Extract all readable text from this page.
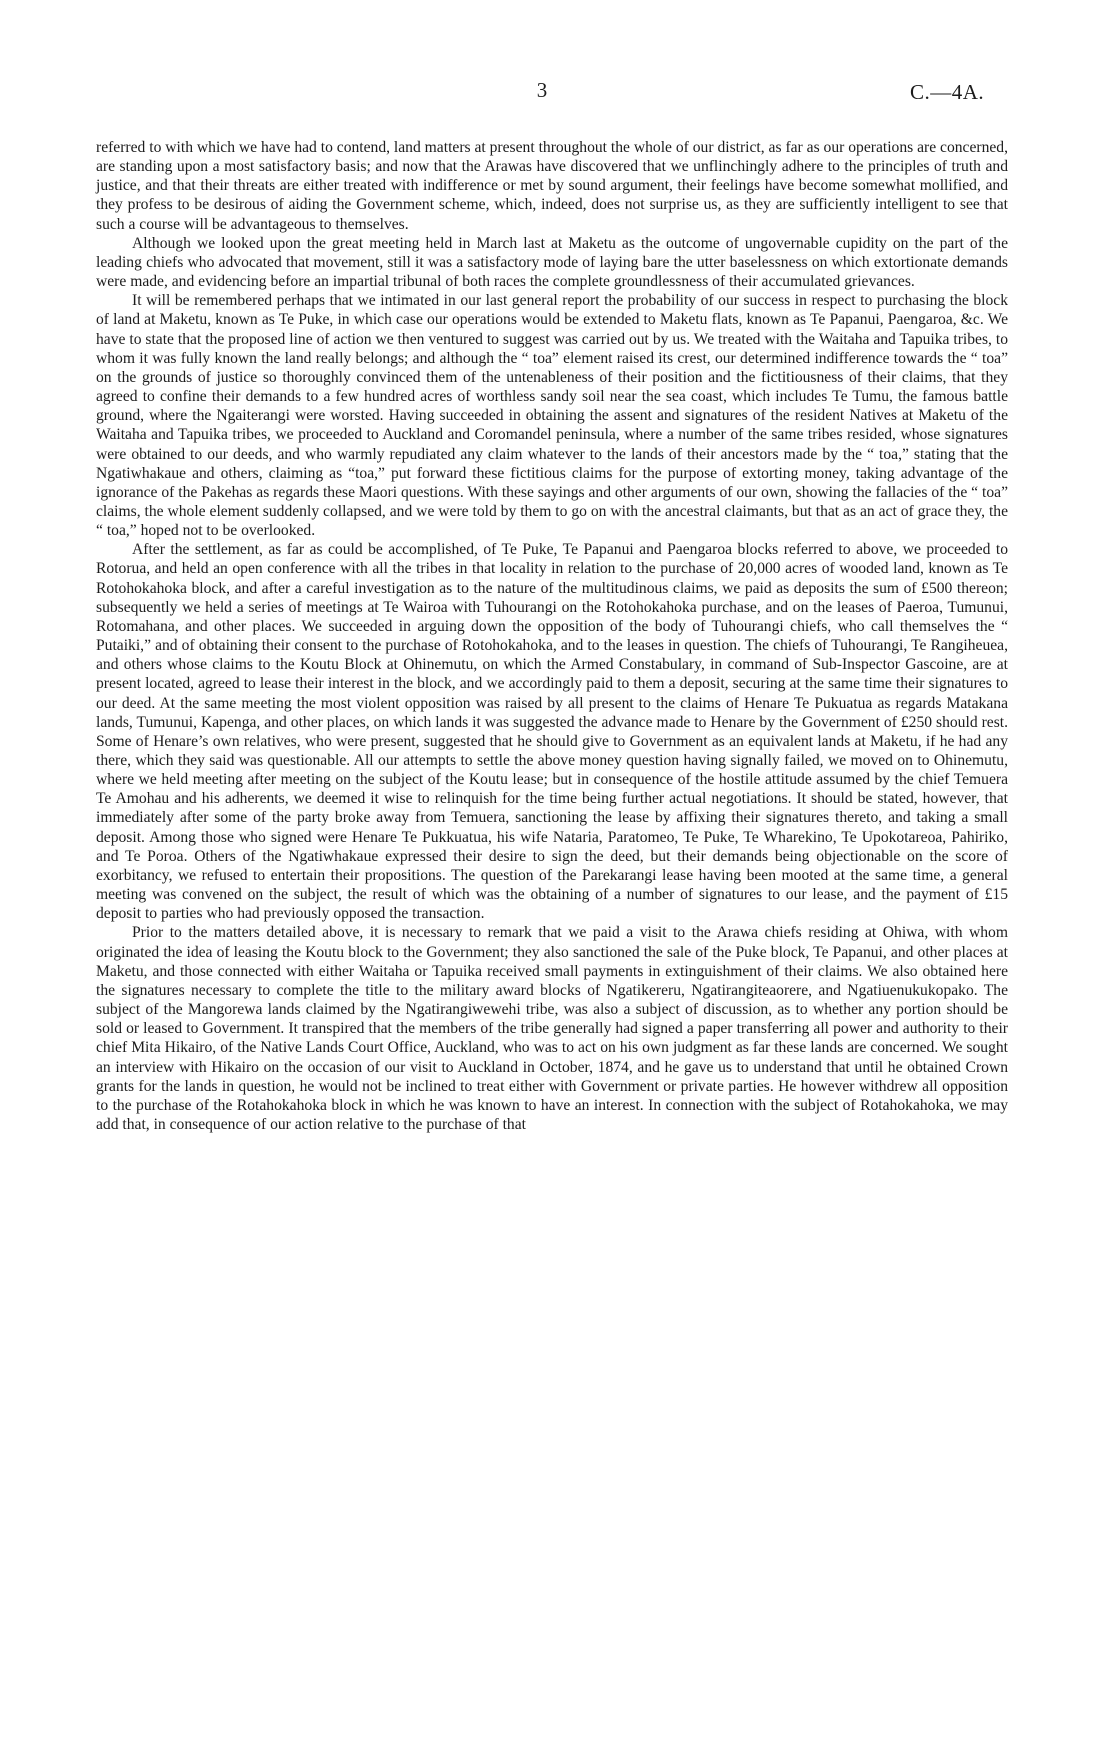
3	C.—4A.

referred to with which we have had to contend, land matters at present throughout the whole of our district, as far as our operations are concerned, are standing upon a most satisfactory basis; and now that the Arawas have discovered that we unflinchingly adhere to the principles of truth and justice, and that their threats are either treated with indifference or met by sound argument, their feelings have become somewhat mollified, and they profess to be desirous of aiding the Government scheme, which, indeed, does not surprise us, as they are sufficiently intelligent to see that such a course will be advantageous to themselves.

Although we looked upon the great meeting held in March last at Maketu as the outcome of ungovernable cupidity on the part of the leading chiefs who advocated that movement, still it was a satisfactory mode of laying bare the utter baselessness on which extortionate demands were made, and evidencing before an impartial tribunal of both races the complete groundlessness of their accumulated grievances.

It will be remembered perhaps that we intimated in our last general report the probability of our success in respect to purchasing the block of land at Maketu, known as Te Puke, in which case our operations would be extended to Maketu flats, known as Te Papanui, Paengaroa, &c. We have to state that the proposed line of action we then ventured to suggest was carried out by us. We treated with the Waitaha and Tapuika tribes, to whom it was fully known the land really belongs; and although the “ toa” element raised its crest, our determined indifference towards the “ toa” on the grounds of justice so thoroughly convinced them of the untenableness of their position and the fictitiousness of their claims, that they agreed to confine their demands to a few hundred acres of worthless sandy soil near the sea coast, which includes Te Tumu, the famous battle ground, where the Ngaiterangi were worsted. Having succeeded in obtaining the assent and signatures of the resident Natives at Maketu of the Waitaha and Tapuika tribes, we proceeded to Auckland and Coromandel peninsula, where a number of the same tribes resided, whose signatures were obtained to our deeds, and who warmly repudiated any claim whatever to the lands of their ancestors made by the “ toa,” stating that the Ngatiwhakaue and others, claiming as “toa,” put forward these fictitious claims for the purpose of extorting money, taking advantage of the ignorance of the Pakehas as regards these Maori questions. With these sayings and other arguments of our own, showing the fallacies of the “ toa” claims, the whole element suddenly collapsed, and we were told by them to go on with the ancestral claimants, but that as an act of grace they, the “ toa,” hoped not to be overlooked.

After the settlement, as far as could be accomplished, of Te Puke, Te Papanui and Paengaroa blocks referred to above, we proceeded to Rotorua, and held an open conference with all the tribes in that locality in relation to the purchase of 20,000 acres of wooded land, known as Te Rotohokahoka block, and after a careful investigation as to the nature of the multitudinous claims, we paid as deposits the sum of £500 thereon; subsequently we held a series of meetings at Te Wairoa with Tuhourangi on the Rotohokahoka purchase, and on the leases of Paeroa, Tumunui, Rotomahana, and other places. We succeeded in arguing down the opposition of the body of Tuhourangi chiefs, who call themselves the “ Putaiki,” and of obtaining their consent to the purchase of Rotohokahoka, and to the leases in question. The chiefs of Tuhourangi, Te Rangiheuea, and others whose claims to the Koutu Block at Ohinemutu, on which the Armed Constabulary, in command of Sub-Inspector Gascoine, are at present located, agreed to lease their interest in the block, and we accordingly paid to them a deposit, securing at the same time their signatures to our deed. At the same meeting the most violent opposition was raised by all present to the claims of Henare Te Pukuatua as regards Matakana lands, Tumunui, Kapenga, and other places, on which lands it was suggested the advance made to Henare by the Government of £250 should rest. Some of Henare’s own relatives, who were present, suggested that he should give to Government as an equivalent lands at Maketu, if he had any there, which they said was questionable. All our attempts to settle the above money question having signally failed, we moved on to Ohinemutu, where we held meeting after meeting on the subject of the Koutu lease; but in consequence of the hostile attitude assumed by the chief Temuera Te Amohau and his adherents, we deemed it wise to relinquish for the time being further actual negotiations. It should be stated, however, that immediately after some of the party broke away from Temuera, sanctioning the lease by affixing their signatures thereto, and taking a small deposit. Among those who signed were Henare Te Pukkuatua, his wife Nataria, Paratomeo, Te Puke, Te Wharekino, Te Upokotareoa, Pahiriko, and Te Poroa. Others of the Ngatiwhakaue expressed their desire to sign the deed, but their demands being objectionable on the score of exorbitancy, we refused to entertain their propositions. The question of the Parekarangi lease having been mooted at the same time, a general meeting was convened on the subject, the result of which was the obtaining of a number of signatures to our lease, and the payment of £15 deposit to parties who had previously opposed the transaction.

Prior to the matters detailed above, it is necessary to remark that we paid a visit to the Arawa chiefs residing at Ohiwa, with whom originated the idea of leasing the Koutu block to the Government; they also sanctioned the sale of the Puke block, Te Papanui, and other places at Maketu, and those connected with either Waitaha or Tapuika received small payments in extinguishment of their claims. We also obtained here the signatures necessary to complete the title to the military award blocks of Ngatikereru, Ngatirangiteaorere, and Ngatiuenukukopako. The subject of the Mangorewa lands claimed by the Ngatirangiwewehi tribe, was also a subject of discussion, as to whether any portion should be sold or leased to Government. It transpired that the members of the tribe generally had signed a paper transferring all power and authority to their chief Mita Hikairo, of the Native Lands Court Office, Auckland, who was to act on his own judgment as far these lands are concerned. We sought an interview with Hikairo on the occasion of our visit to Auckland in October, 1874, and he gave us to understand that until he obtained Crown grants for the lands in question, he would not be inclined to treat either with Government or private parties. He however withdrew all opposition to the purchase of the Rotahokahoka block in which he was known to have an interest. In connection with the subject of Rotahokahoka, we may add that, in consequence of our action relative to the purchase of that
